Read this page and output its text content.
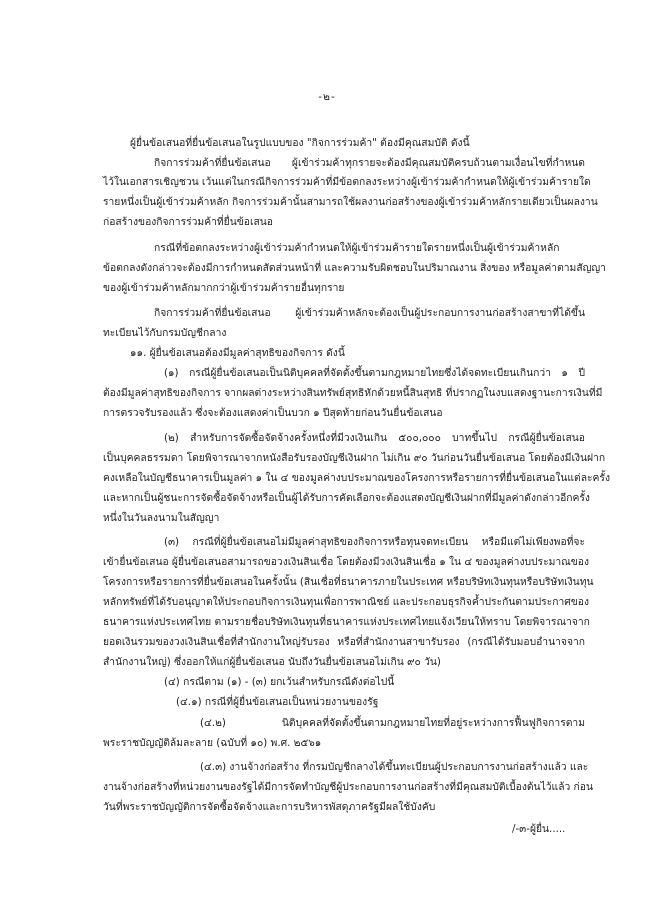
-๒-
ผู้ยื่นข้อเสนอที่ยื่นข้อเสนอในรูปแบบของ "กิจการร่วมค้า" ต้องมีคุณสมบัติ ดังนี้
กิจการร่วมค้าที่ยื่นข้อเสนอ ผู้เข้าร่วมค้าทุกรายจะต้องมีคุณสมบัติครบถ้วนตามเงื่อนไขที่กำหนด
ไว้ในเอกสารเชิญชวน เว้นแต่ในกรณีกิจการร่วมค้าที่มีข้อตกลงระหว่างผู้เข้าร่วมค้ากำหนดให้ผู้เข้าร่วมค้ารายใด
รายหนึ่งเป็นผู้เข้าร่วมค้าหลัก กิจการร่วมค้านั้นสามารถใช้ผลงานก่อสร้างของผู้เข้าร่วมค้าหลักรายเดียวเป็นผลงาน
ก่อสร้างของกิจการร่วมค้าที่ยื่นข้อเสนอ
กรณีที่ข้อตกลงระหว่างผู้เข้าร่วมค้ากำหนดให้ผู้เข้าร่วมค้ารายใดรายหนึ่งเป็นผู้เข้าร่วมค้าหลัก
ข้อตกลงดังกล่าวจะต้องมีการกำหนดสัดส่วนหน้าที่ และความรับผิดชอบในปริมาณงาน สิ่งของ หรือมูลค่าตามสัญญา
ของผู้เข้าร่วมค้าหลักมากกว่าผู้เข้าร่วมค้ารายอื่นทุกราย
กิจการร่วมค้าที่ยื่นข้อเสนอ ผู้เข้าร่วมค้าหลักจะต้องเป็นผู้ประกอบการงานก่อสร้างสาขาที่ได้ขึ้น
ทะเบียนไว้กับกรมบัญชีกลาง
๑๑. ผู้ยื่นข้อเสนอต้องมีมูลค่าสุทธิของกิจการ ดังนี้
(๑) กรณีผู้ยื่นข้อเสนอเป็นนิติบุคคลที่จัดตั้งขึ้นตามกฎหมายไทยซึ่งได้จดทะเบียนเกินกว่า ๑ ปี
ต้องมีมูลค่าสุทธิของกิจการ จากผลต่างระหว่างสินทรัพย์สุทธิหักด้วยหนี้สินสุทธิ ที่ปรากฏในงบแสดงฐานะการเงินที่มี
การตรวจรับรองแล้ว ซึ่งจะต้องแสดงค่าเป็นบวก ๑ ปีสุดท้ายก่อนวันยื่นข้อเสนอ
(๒) สำหรับการจัดซื้อจัดจ้างครั้งหนึ่งที่มีวงเงินเกิน ๕๐๐,๐๐๐ บาทขึ้นไป กรณีผู้ยื่นข้อเสนอ
เป็นบุคคลธรรมดา โดยพิจารณาจากหนังสือรับรองบัญชีเงินฝาก ไม่เกิน ๙๐ วันก่อนวันยื่นข้อเสนอ โดยต้องมีเงินฝาก
คงเหลือในบัญชีธนาคารเป็นมูลค่า ๑ ใน ๔ ของมูลค่างบประมาณของโครงการหรือรายการที่ยื่นข้อเสนอในแต่ละครั้ง
และหากเป็นผู้ชนะการจัดซื้อจัดจ้างหรือเป็นผู้ได้รับการคัดเลือกจะต้องแสดงบัญชีเงินฝากที่มีมูลค่าดังกล่าวอีกครั้ง
หนึ่งในวันลงนามในสัญญา
(๓) กรณีที่ผู้ยื่นข้อเสนอไม่มีมูลค่าสุทธิของกิจการหรือทุนจดทะเบียน หรือมีแต่ไม่เพียงพอที่จะ
เข้ายื่นข้อเสนอ ผู้ยื่นข้อเสนอสามารถขอวงเงินสินเชื่อ โดยต้องมีวงเงินสินเชื่อ ๑ ใน ๔ ของมูลค่างบประมาณของ
โครงการหรือรายการที่ยื่นข้อเสนอในครั้งนั้น (สินเชื่อที่ธนาคารภายในประเทศ หรือบริษัทเงินทุนหรือบริษัทเงินทุน
หลักทรัพย์ที่ได้รับอนุญาตให้ประกอบกิจการเงินทุนเพื่อการพาณิชย์ และประกอบธุรกิจค้ำประกันตามประกาศของ
ธนาคารแห่งประเทศไทย ตามรายชื่อบริษัทเงินทุนที่ธนาคารแห่งประเทศไทยแจ้งเวียนให้ทราบ โดยพิจารณาจาก
ยอดเงินรวมของวงเงินสินเชื่อที่สำนักงานใหญ่รับรอง หรือที่สำนักงานสาขารับรอง (กรณีได้รับมอบอำนาจจาก
สำนักงานใหญ่) ซึ่งออกให้แก่ผู้ยื่นข้อเสนอ นับถึงวันยื่นข้อเสนอไม่เกิน ๙๐ วัน)
(๔) กรณีตาม (๑) - (๓) ยกเว้นสำหรับกรณีดังต่อไปนี้
(๔.๑) กรณีที่ผู้ยื่นข้อเสนอเป็นหน่วยงานของรัฐ
(๔.๒) นิติบุคคลที่จัดตั้งขึ้นตามกฎหมายไทยที่อยู่ระหว่างการฟื้นฟูกิจการตาม
พระราชบัญญัติล้มละลาย (ฉบับที่ ๑๐) พ.ศ. ๒๕๖๑
(๔.๓) งานจ้างก่อสร้าง ที่กรมบัญชีกลางได้ขึ้นทะเบียนผู้ประกอบการงานก่อสร้างแล้ว และ
งานจ้างก่อสร้างที่หน่วยงานของรัฐได้มีการจัดทำบัญชีผู้ประกอบการงานก่อสร้างที่มีคุณสมบัติเบื้องต้นไว้แล้ว ก่อน
วันที่พระราชบัญญัติการจัดซื้อจัดจ้างและการบริหารพัสดุภาครัฐมีผลใช้บังคับ
/-๓-ผู้ยื่น.....
